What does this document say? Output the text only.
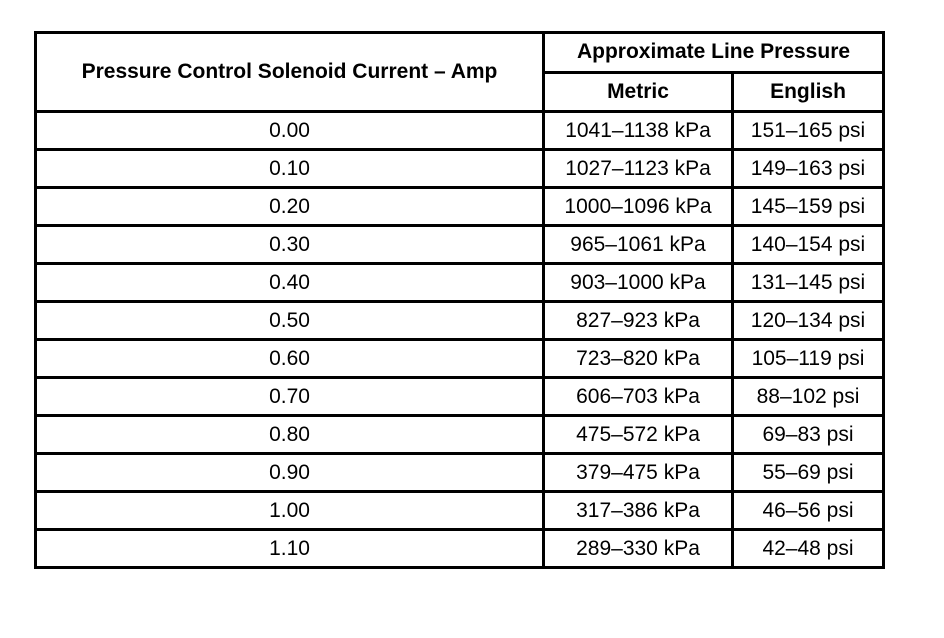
Pressure Control Solenoid Current – Amp	Approximate Line Pressure	
	Metric	English
0.00	1041–1138 kPa	151–165 psi
0.10	1027–1123 kPa	149–163 psi
0.20	1000–1096 kPa	145–159 psi
0.30	965–1061 kPa	140–154 psi
0.40	903–1000 kPa	131–145 psi
0.50	827–923 kPa	120–134 psi
0.60	723–820 kPa	105–119 psi
0.70	606–703 kPa	88–102 psi
0.80	475–572 kPa	69–83 psi
0.90	379–475 kPa	55–69 psi
1.00	317–386 kPa	46–56 psi
1.10	289–330 kPa	42–48 psi
